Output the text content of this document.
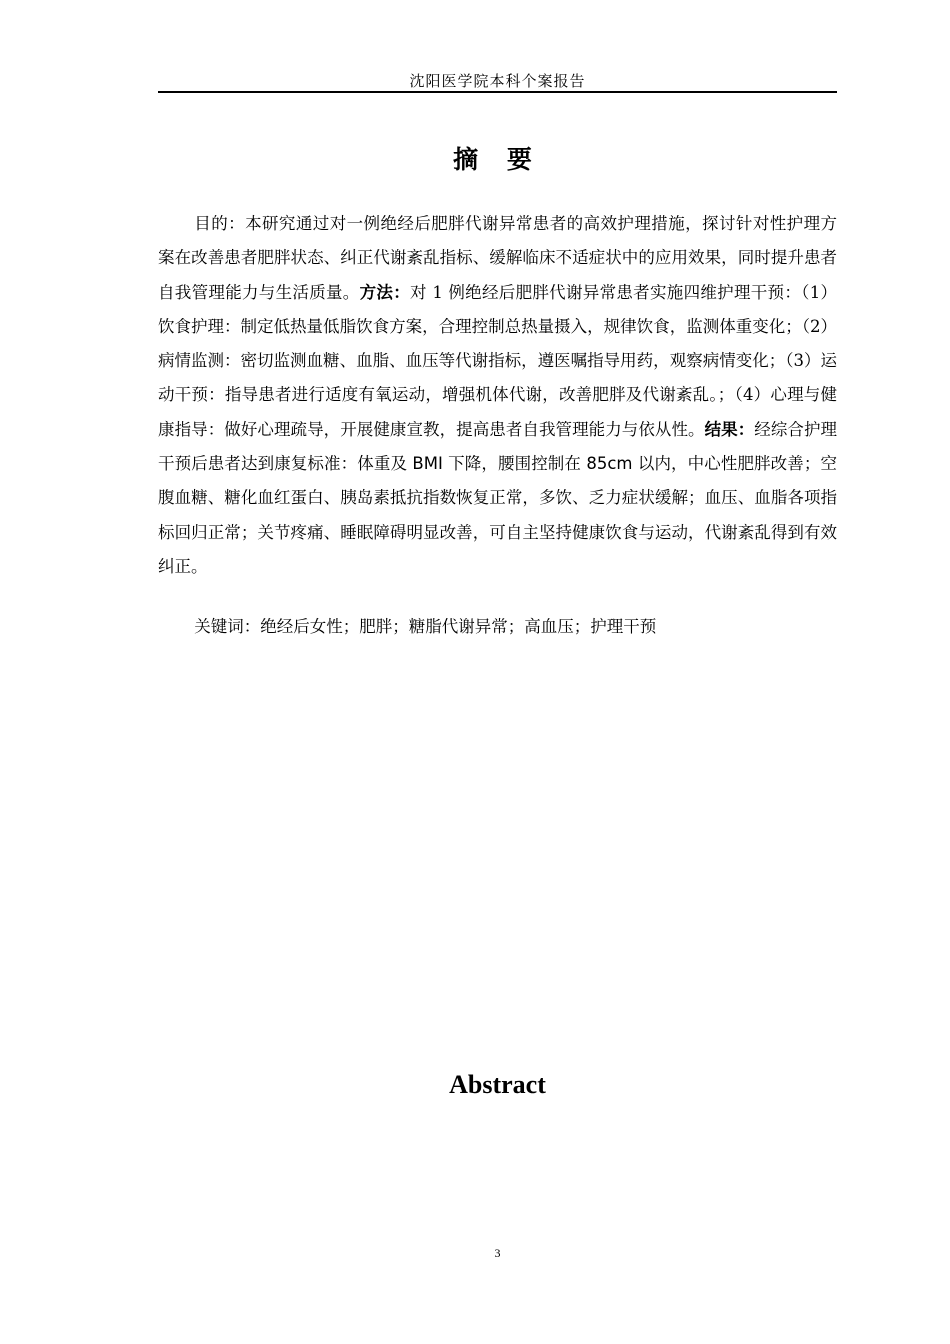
沈阳医学院本科个案报告
摘 要

目的：本研究通过对一例绝经后肥胖代谢异常患者的高效护理措施，探讨针对性护理方案在改善患者肥胖状态、纠正代谢紊乱指标、缓解临床不适症状中的应用效果，同时提升患者自我管理能力与生活质量。方法：对 1 例绝经后肥胖代谢异常患者实施四维护理干预：（1）饮食护理：制定低热量低脂饮食方案，合理控制总热量摄入，规律饮食，监测体重变化；（2）病情监测：密切监测血糖、血脂、血压等代谢指标，遵医嘱指导用药，观察病情变化；（3）运动干预：指导患者进行适度有氧运动，增强机体代谢，改善肥胖及代谢紊乱。；（4）心理与健康指导：做好心理疏导，开展健康宣教，提高患者自我管理能力与依从性。结果：经综合护理干预后患者达到康复标准：体重及 BMI 下降，腰围控制在 85cm 以内，中心性肥胖改善；空腹血糖、糖化血红蛋白、胰岛素抵抗指数恢复正常，多饮、乏力症状缓解；血压、血脂各项指标回归正常；关节疼痛、睡眠障碍明显改善，可自主坚持健康饮食与运动，代谢紊乱得到有效纠正。

关键词：绝经后女性；肥胖；糖脂代谢异常；高血压；护理干预
Abstract
3
